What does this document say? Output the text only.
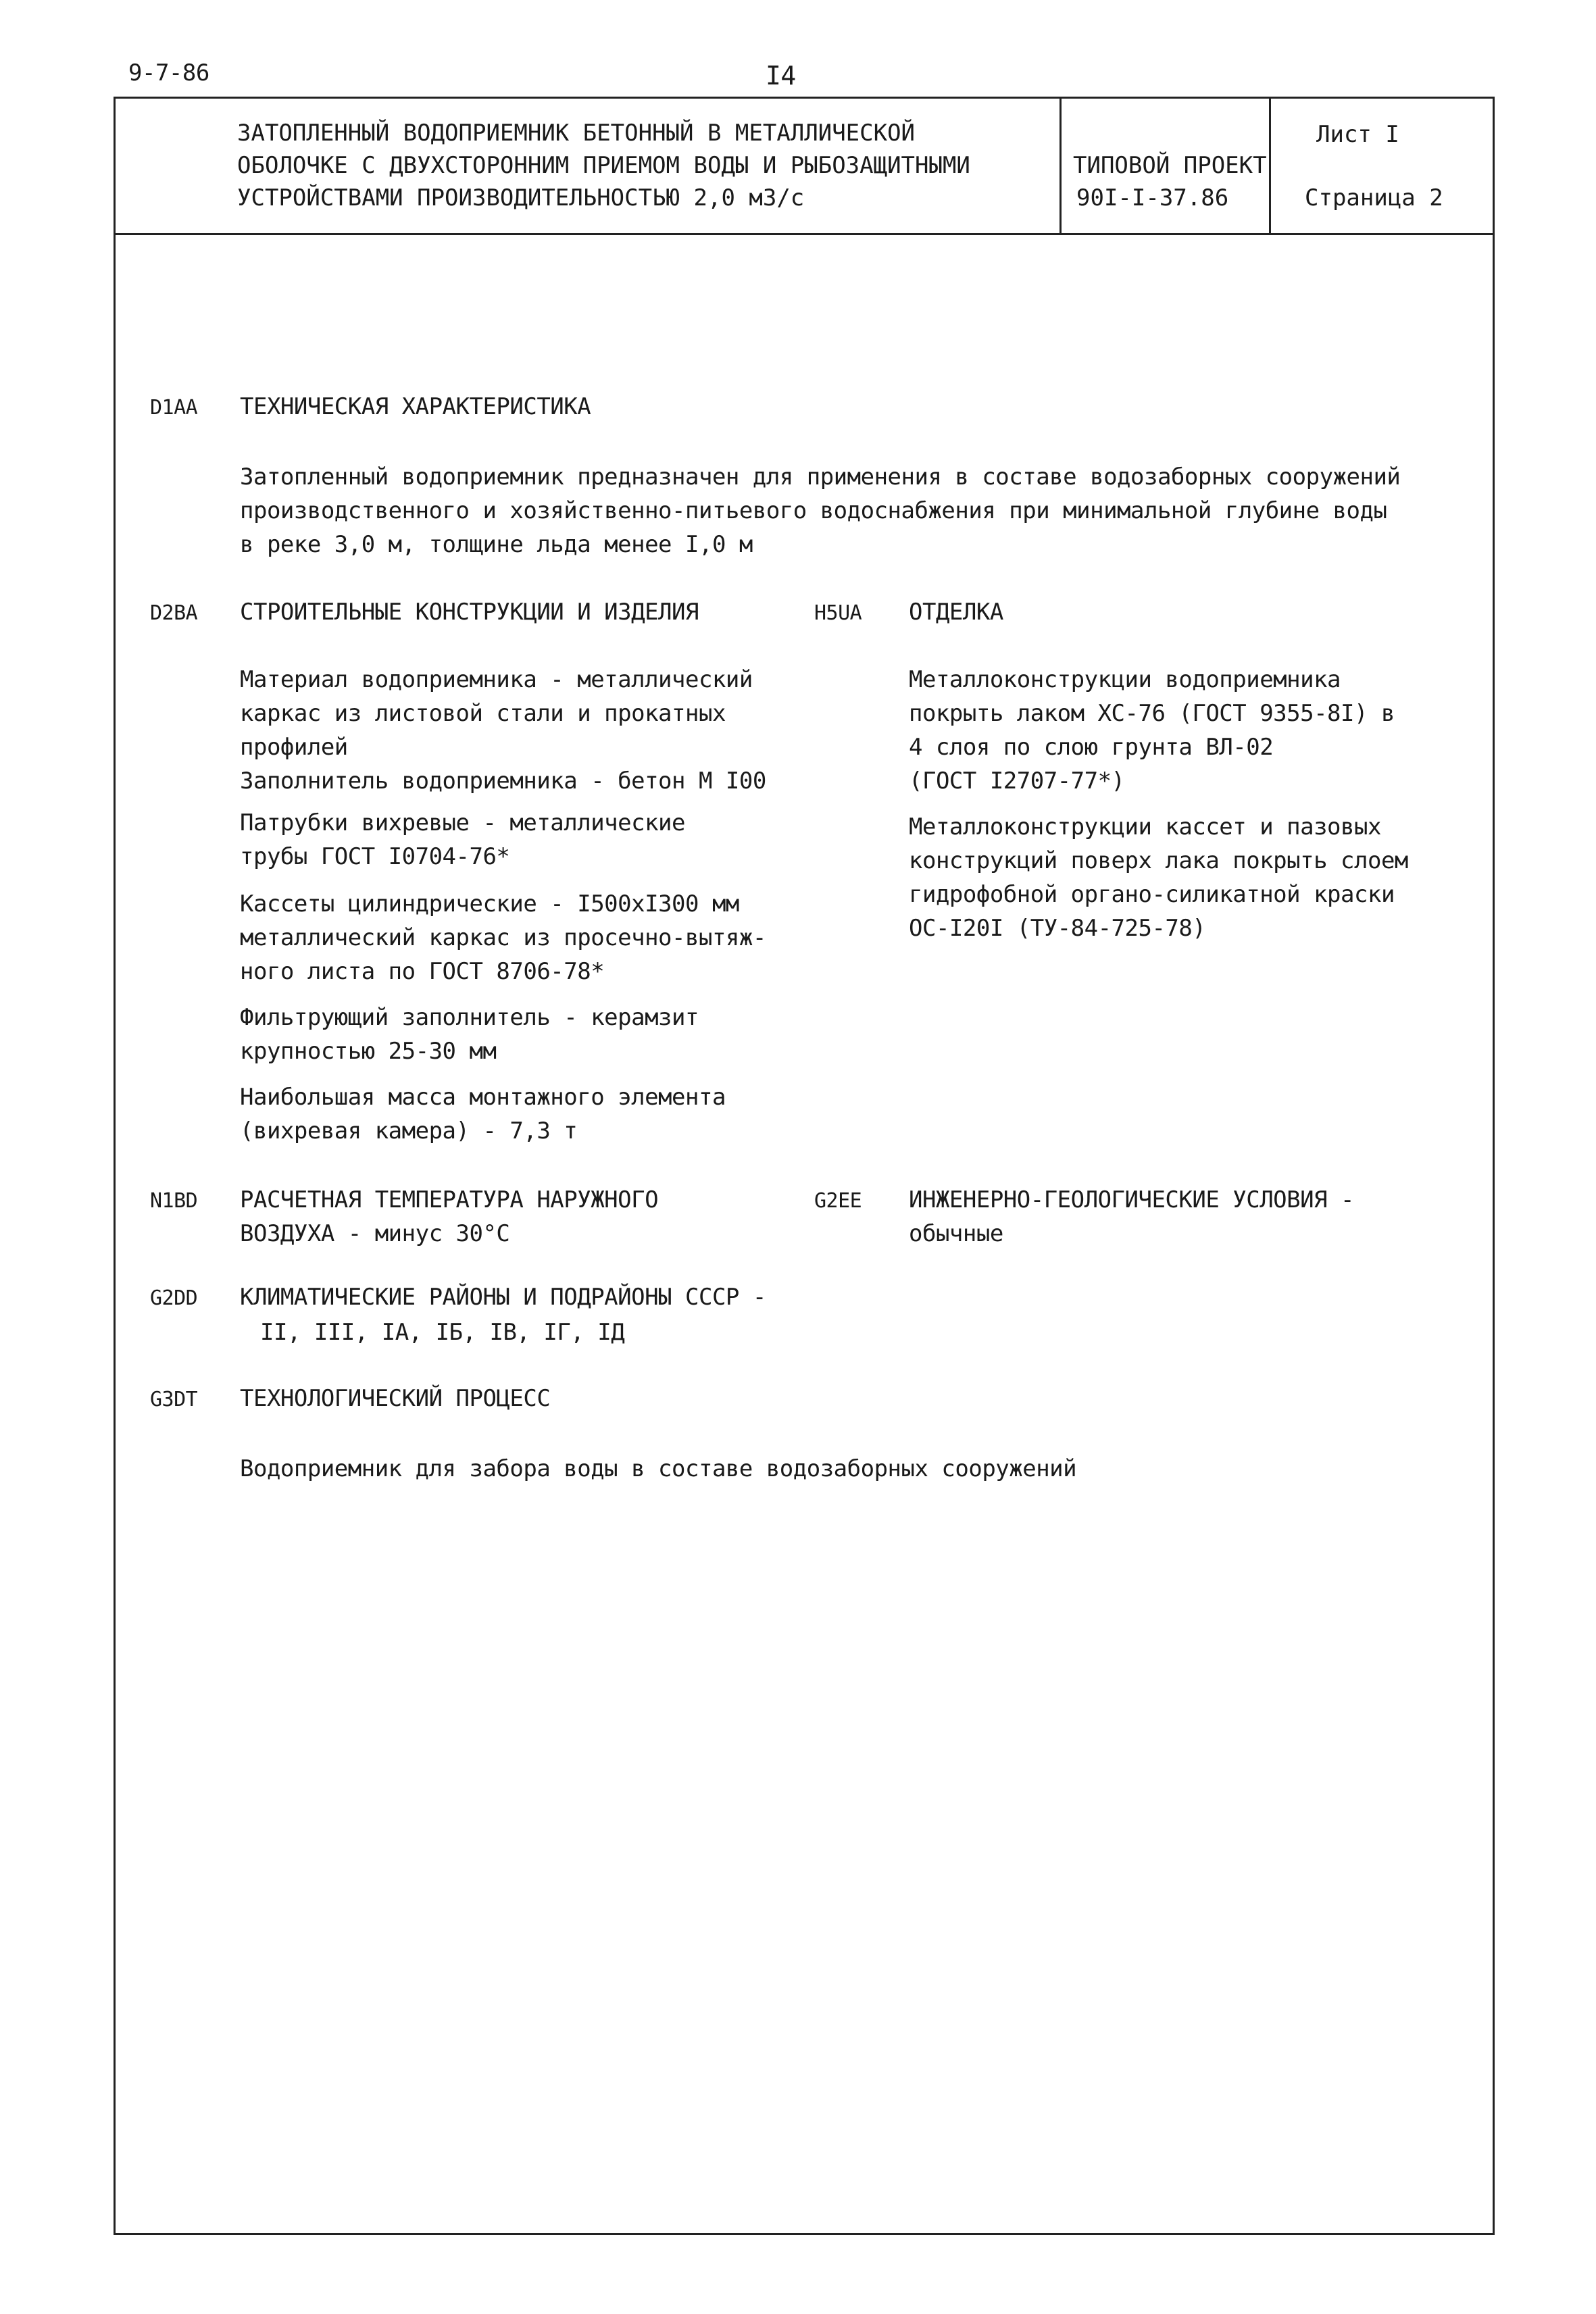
9-7-86	I4
ЗАТОПЛЕННЫЙ ВОДОПРИЕМНИК БЕТОННЫЙ В МЕТАЛЛИЧЕСКОЙ
ОБОЛОЧКЕ С ДВУХСТОРОННИМ ПРИЕМОМ ВОДЫ И РЫБОЗАЩИТНЫМИ
УСТРОЙСТВАМИ ПРОИЗВОДИТЕЛЬНОСТЬЮ 2,0 м3/с
ТИПОВОЙ ПРОЕКТ
90I-I-37.86
Лист I
Страница 2
D1AA ТЕХНИЧЕСКАЯ ХАРАКТЕРИСТИКА
Затопленный водоприемник предназначен для применения в составе водозаборных сооружений
производственного и хозяйственно-питьевого водоснабжения при минимальной глубине воды
в реке 3,0 м, толщине льда менее I,0 м
D2BA СТРОИТЕЛЬНЫЕ КОНСТРУКЦИИ И ИЗДЕЛИЯ
Материал водоприемника - металлический
каркас из листовой стали и прокатных
профилей
Заполнитель водоприемника - бетон М I00
Патрубки вихревые - металлические
трубы ГОСТ I0704-76*
Кассеты цилиндрические - I500хI300 мм
металлический каркас из просечно-вытяж-
ного листа по ГОСТ 8706-78*
Фильтрующий заполнитель - керамзит
крупностью 25-30 мм
Наибольшая масса монтажного элемента
(вихревая камера) - 7,3 т
H5UA ОТДЕЛКА
Металлоконструкции водоприемника
покрыть лаком ХС-76 (ГОСТ 9355-8I) в
4 слоя по слою грунта ВЛ-02
(ГОСТ I2707-77*)
Металлоконструкции кассет и пазовых
конструкций поверх лака покрыть слоем
гидрофобной органо-силикатной краски
ОС-I20I (ТУ-84-725-78)
N1BD РАСЧЕТНАЯ ТЕМПЕРАТУРА НАРУЖНОГО
ВОЗДУХА - минус 30°С
G2EE ИНЖЕНЕРНО-ГЕОЛОГИЧЕСКИЕ УСЛОВИЯ -
обычные
G2DD КЛИМАТИЧЕСКИЕ РАЙОНЫ И ПОДРАЙОНЫ СССР -
II, III, IА, IБ, IВ, IГ, IД
G3DT ТЕХНОЛОГИЧЕСКИЙ ПРОЦЕСС
Водоприемник для забора воды в составе водозаборных сооружений
